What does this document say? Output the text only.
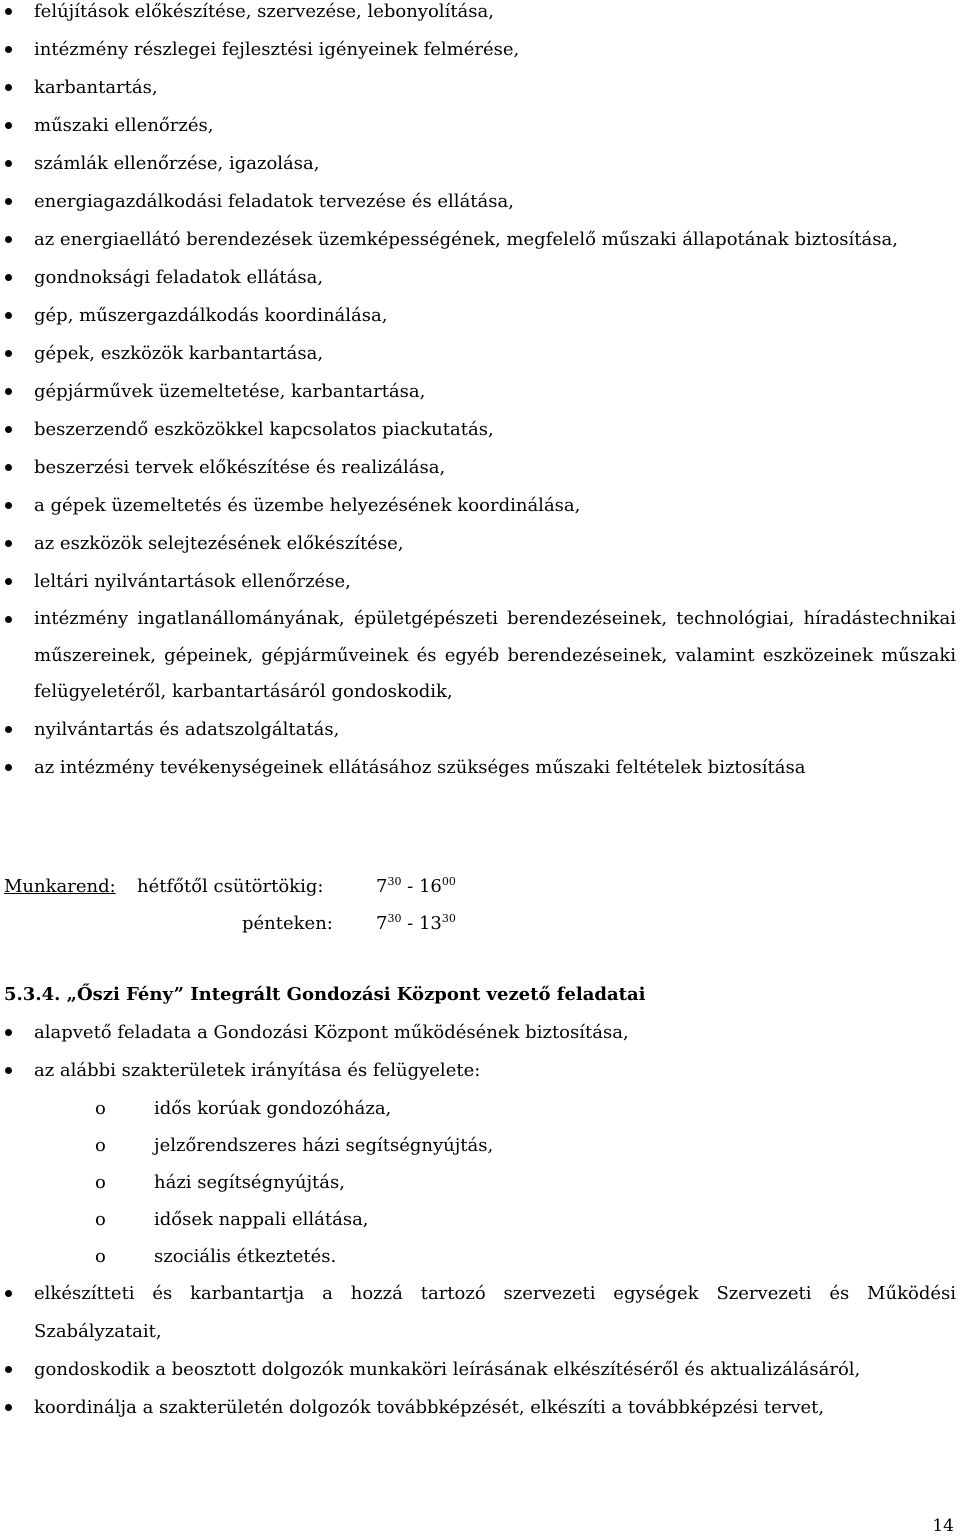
felújítások előkészítése, szervezése, lebonyolítása,
intézmény részlegei fejlesztési igényeinek felmérése,
karbantartás,
műszaki ellenőrzés,
számlák ellenőrzése, igazolása,
energiagazdálkodási feladatok tervezése és ellátása,
az energiaellátó berendezések üzemképességének, megfelelő műszaki állapotának biztosítása,
gondnoksági feladatok ellátása,
gép, műszergazdálkodás koordinálása,
gépek, eszközök karbantartása,
gépjárművek üzemeltetése, karbantartása,
beszerzendő eszközökkel kapcsolatos piackutatás,
beszerzési tervek előkészítése és realizálása,
a gépek üzemeltetés és üzembe helyezésének koordinálása,
az eszközök selejtezésének előkészítése,
leltári nyilvántartások ellenőrzése,
intézmény ingatlanállományának, épületgépészeti berendezéseinek, technológiai, híradástechnikai műszereinek, gépeinek, gépjárműveinek és egyéb berendezéseinek, valamint eszközeinek műszaki felügyeletéről, karbantartásáról gondoskodik,
nyilvántartás és adatszolgáltatás,
az intézmény tevékenységeinek ellátásához szükséges műszaki feltételek biztosítása
Munkarend: hétfőtől csütörtökig:	$7^{30} - 16^{00}$
pénteken: $7^{30} - 13^{30}$
5.3.4. „Őszi Fény” Integrált Gondozási Központ vezető feladatai
alapvető feladata a Gondozási Központ működésének biztosítása,
az alábbi szakterületek irányítása és felügyelete:
o	idős korúak gondozóháza,
o	jelzőrendszeres házi segítségnyújtás,
o	házi segítségnyújtás,
o	idősek nappali ellátása,
o	szociális étkeztetés.
elkészítteti és karbantartja a hozzá tartozó szervezeti egységek Szervezeti és Működési Szabályzatait,
gondoskodik a beosztott dolgozók munkaköri leírásának elkészítéséről és aktualizálásáról,
koordinálja a szakterületén dolgozók továbbképzését, elkészíti a továbbképzési tervet,
14
